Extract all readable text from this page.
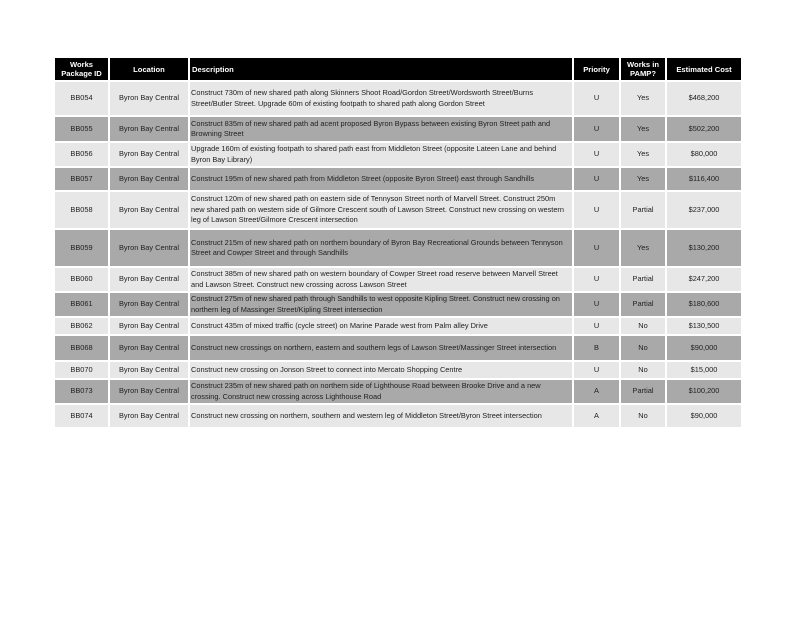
Works Package ID	Location	Description	Priority	Works in PAMP?	Estimated Cost
BB054	Byron Bay Central	Construct 730m of new shared path along Skinners Shoot Road/Gordon Street/Wordsworth Street/Burns Street/Butler Street. Upgrade 60m of existing footpath to shared path along Gordon Street	U	Yes	$468,200
BB055	Byron Bay Central	Construct 835m of new shared path ad acent proposed Byron Bypass between existing Byron Street path and Browning Street	U	Yes	$502,200
BB056	Byron Bay Central	Upgrade 160m of existing footpath to shared path east from Middleton Street (opposite Lateen Lane and behind Byron Bay Library)	U	Yes	$80,000
BB057	Byron Bay Central	Construct 195m of new shared path from Middleton Street (opposite Byron Street) east through Sandhills	U	Yes	$116,400
BB058	Byron Bay Central	Construct 120m of new shared path on eastern side of Tennyson Street north of Marvell Street. Construct 250m new shared path on western side of Gilmore Crescent south of Lawson Street. Construct new crossing on western leg of Lawson Street/Gilmore Crescent intersection	U	Partial	$237,000
BB059	Byron Bay Central	Construct 215m of new shared path on northern boundary of Byron Bay Recreational Grounds between Tennyson Street and Cowper Street and through Sandhills	U	Yes	$130,200
BB060	Byron Bay Central	Construct 385m of new shared path on western boundary of Cowper Street road reserve between Marvell Street and Lawson Street. Construct new crossing across Lawson Street	U	Partial	$247,200
BB061	Byron Bay Central	Construct 275m of new shared path through Sandhills to west opposite Kipling Street. Construct new crossing on northern leg of Massinger Street/Kipling Street intersection	U	Partial	$180,600
BB062	Byron Bay Central	Construct 435m of mixed traffic (cycle street) on Marine Parade west from Palm alley Drive	U	No	$130,500
BB068	Byron Bay Central	Construct new crossings on northern, eastern and southern legs of Lawson Street/Massinger Street intersection	B	No	$90,000
BB070	Byron Bay Central	Construct new crossing on Jonson Street to connect into Mercato Shopping Centre	U	No	$15,000
BB073	Byron Bay Central	Construct 235m of new shared path on northern side of Lighthouse Road between Brooke Drive and a new crossing. Construct new crossing across Lighthouse Road	A	Partial	$100,200
BB074	Byron Bay Central	Construct new crossing on northern, southern and western leg of Middleton Street/Byron Street intersection	A	No	$90,000
